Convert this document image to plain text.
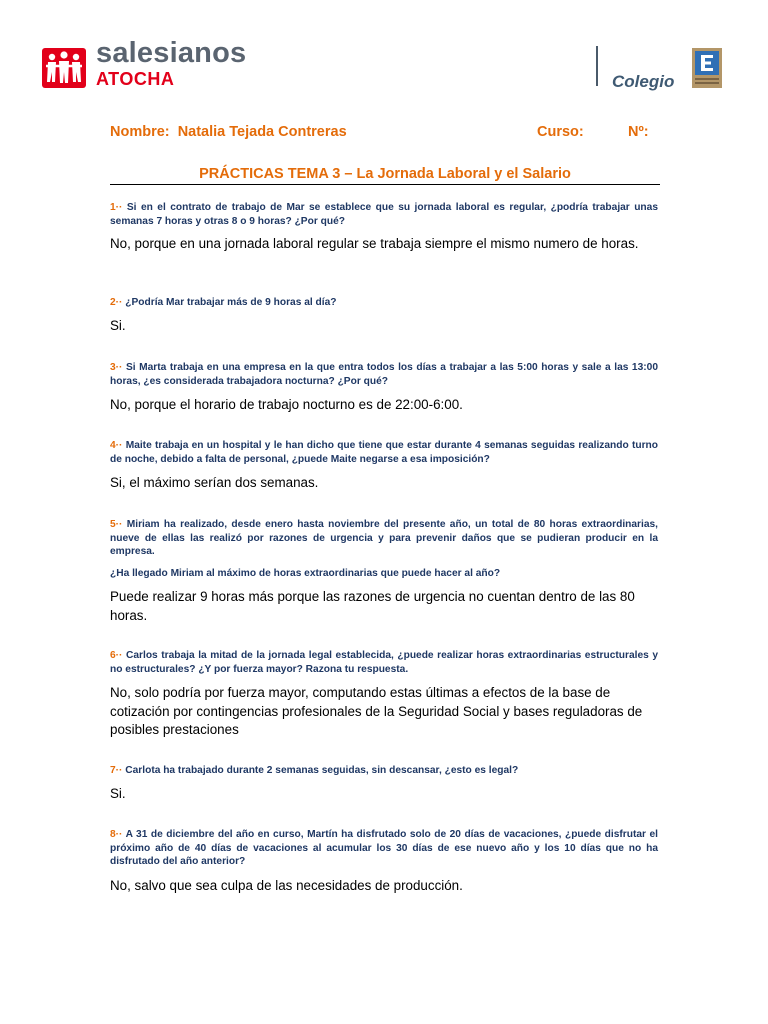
salesianos
ATOCHA	Colegio
Nombre: Natalia Tejada Contreras	Curso:	Nº:
PRÁCTICAS TEMA 3 – La Jornada Laboral y el Salario
1·· Si en el contrato de trabajo de Mar se establece que su jornada laboral es regular, ¿podría trabajar unas semanas 7 horas y otras 8 o 9 horas? ¿Por qué?
No, porque en una jornada laboral regular se trabaja siempre el mismo numero de horas.
2·· ¿Podría Mar trabajar más de 9 horas al día?
Si.
3·· Si Marta trabaja en una empresa en la que entra todos los días a trabajar a las 5:00 horas y sale a las 13:00 horas, ¿es considerada trabajadora nocturna? ¿Por qué?
No, porque el horario de trabajo nocturno es de 22:00-6:00.
4·· Maite trabaja en un hospital y le han dicho que tiene que estar durante 4 semanas seguidas realizando turno de noche, debido a falta de personal, ¿puede Maite negarse a esa imposición?
Si, el máximo serían dos semanas.
5·· Miriam ha realizado, desde enero hasta noviembre del presente año, un total de 80 horas extraordinarias, nueve de ellas las realizó por razones de urgencia y para prevenir daños que se pudieran producir en la empresa.
¿Ha llegado Miriam al máximo de horas extraordinarias que puede hacer al año?
Puede realizar 9 horas más porque las razones de urgencia no cuentan dentro de las 80 horas.
6·· Carlos trabaja la mitad de la jornada legal establecida, ¿puede realizar horas extraordinarias estructurales y no estructurales? ¿Y por fuerza mayor? Razona tu respuesta.
No, solo podría por fuerza mayor, computando estas últimas a efectos de la base de cotización por contingencias profesionales de la Seguridad Social y bases reguladoras de posibles prestaciones
7·· Carlota ha trabajado durante 2 semanas seguidas, sin descansar, ¿esto es legal?
Si.
8·· A 31 de diciembre del año en curso, Martín ha disfrutado solo de 20 días de vacaciones, ¿puede disfrutar el próximo año de 40 días de vacaciones al acumular los 30 días de ese nuevo año y los 10 días que no ha disfrutado del año anterior?
No, salvo que sea culpa de las necesidades de producción.
